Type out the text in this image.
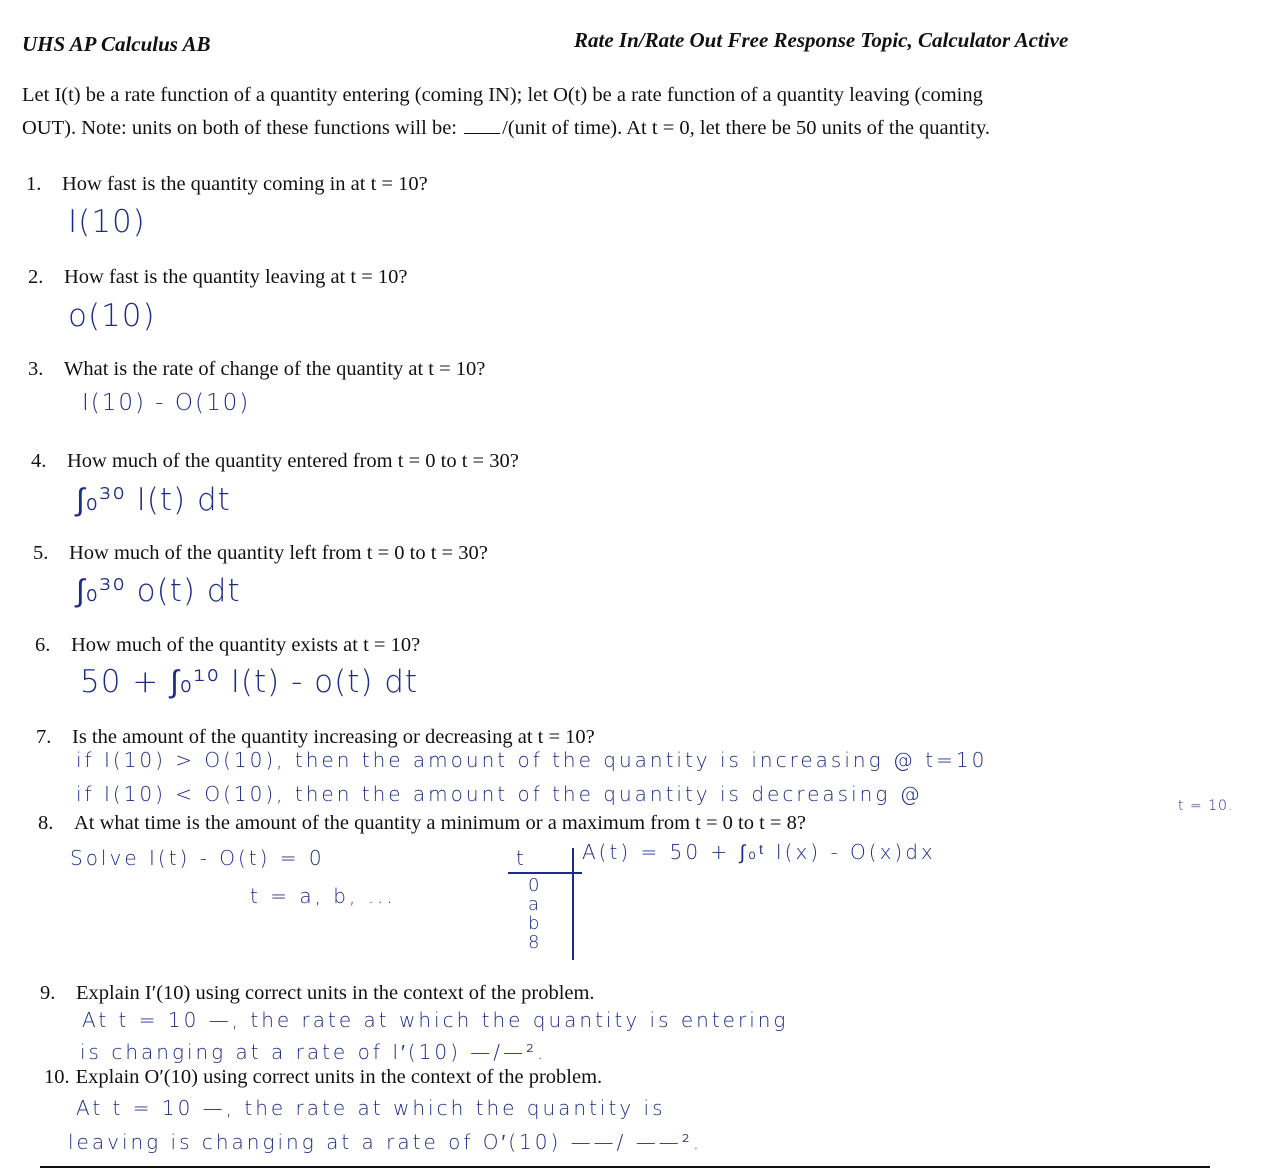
UHS AP Calculus AB	Rate In/Rate Out Free Response Topic, Calculator Active
Let I(t) be a rate function of a quantity entering (coming IN); let O(t) be a rate function of a quantity leaving (coming
OUT). Note: units on both of these functions will be: /(unit of time). At t = 0, let there be 50 units of the quantity.
1. How fast is the quantity coming in at t = 10?
I(10)
2. How fast is the quantity leaving at t = 10?
o(10)
3. What is the rate of change of the quantity at t = 10?
I(10) - O(10)
4. How much of the quantity entered from t = 0 to t = 30?
∫₀³⁰ I(t) dt
5. How much of the quantity left from t = 0 to t = 30?
∫₀³⁰ o(t) dt
6. How much of the quantity exists at t = 10?
50 + ∫₀¹⁰ I(t) - o(t) dt
7. Is the amount of the quantity increasing or decreasing at t = 10?
if I(10) > O(10), then the amount of the quantity is increasing @ t=10
if I(10) < O(10), then the amount of the quantity is decreasing @	t = 10.
8. At what time is the amount of the quantity a minimum or a maximum from t = 0 to t = 8?
Solve I(t) - O(t) = 0
t = a, b, ...
t	A(t) = 50 + ∫₀ᵗ I(x) - O(x)dx
0
a
b
8
9. Explain I′(10) using correct units in the context of the problem.
At t = 10 —, the rate at which the quantity is entering
is changing at a rate of I′(10) —/—².
10. Explain O′(10) using correct units in the context of the problem.
At t = 10 —, the rate at which the quantity is
leaving is changing at a rate of O′(10) ——/ ——².
